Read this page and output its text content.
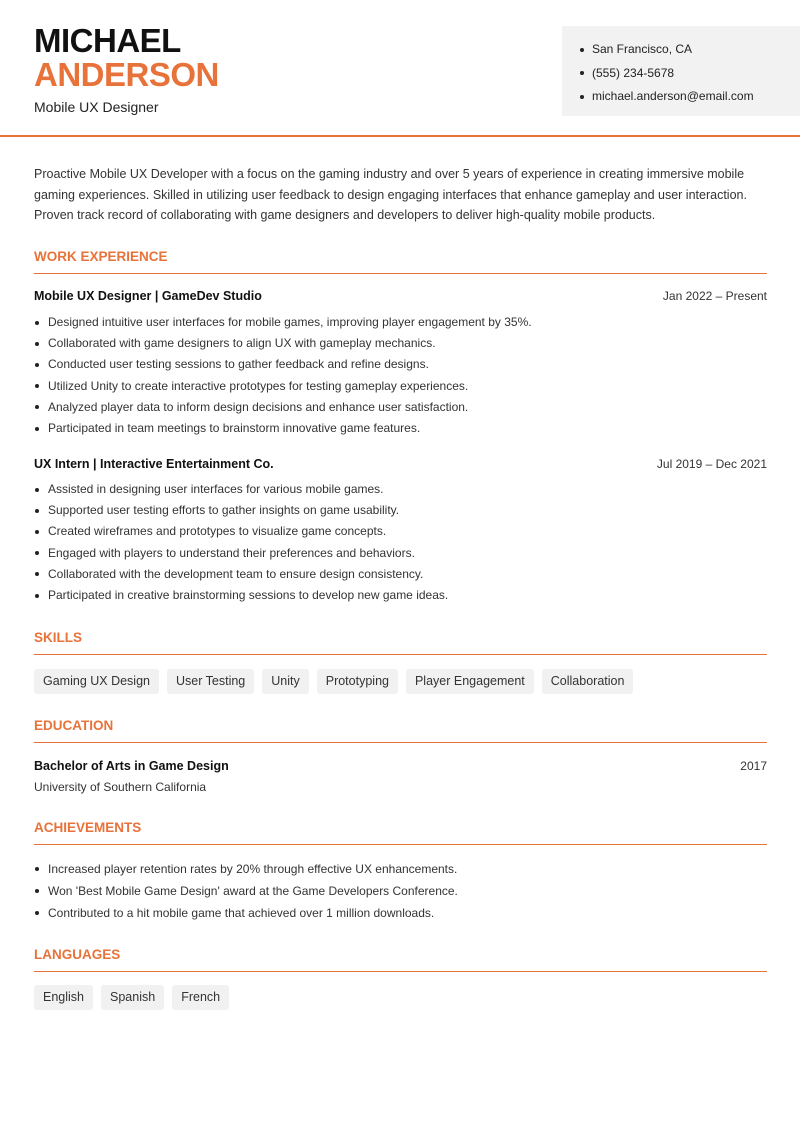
MICHAEL
ANDERSON
Mobile UX Designer
San Francisco, CA
(555) 234-5678
michael.anderson@email.com

Proactive Mobile UX Developer with a focus on the gaming industry and over 5 years of experience in creating immersive mobile gaming experiences. Skilled in utilizing user feedback to design engaging interfaces that enhance gameplay and user interaction. Proven track record of collaborating with game designers and developers to deliver high-quality mobile products.

WORK EXPERIENCE
Mobile UX Designer | GameDev Studio	Jan 2022 – Present
Designed intuitive user interfaces for mobile games, improving player engagement by 35%.
Collaborated with game designers to align UX with gameplay mechanics.
Conducted user testing sessions to gather feedback and refine designs.
Utilized Unity to create interactive prototypes for testing gameplay experiences.
Analyzed player data to inform design decisions and enhance user satisfaction.
Participated in team meetings to brainstorm innovative game features.
UX Intern | Interactive Entertainment Co.	Jul 2019 – Dec 2021
Assisted in designing user interfaces for various mobile games.
Supported user testing efforts to gather insights on game usability.
Created wireframes and prototypes to visualize game concepts.
Engaged with players to understand their preferences and behaviors.
Collaborated with the development team to ensure design consistency.
Participated in creative brainstorming sessions to develop new game ideas.
SKILLS
Gaming UX Design	User Testing	Unity	Prototyping	Player Engagement	Collaboration
EDUCATION
Bachelor of Arts in Game Design	2017
University of Southern California
ACHIEVEMENTS
Increased player retention rates by 20% through effective UX enhancements.
Won 'Best Mobile Game Design' award at the Game Developers Conference.
Contributed to a hit mobile game that achieved over 1 million downloads.
LANGUAGES
English	Spanish	French
